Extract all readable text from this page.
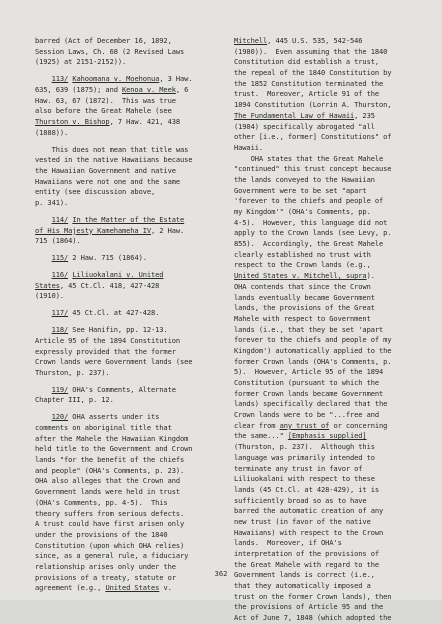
barred (Act of December 16, 1892,
Session Laws, Ch. 68 (2 Revised Laws
(1925) at 2151-2152)).
113/ Kahoomana v. Moehonua, 3 Haw.
635, 639 (1875); and Kenoa v. Meek, 6
Haw. 63, 67 (1872).  This was true
also before the Great Mahele (see
Thurston v. Bishop, 7 Haw. 421, 438
(1888)).
This does not mean that title was
vested in the native Hawaiians because
the Hawaiian Government and native
Hawaiians were not one and the same
entity (see discussion above,
p. 341).
114/ In the Matter of the Estate
of His Majesty Kamehameha IV, 2 Haw.
715 (1864).
115/ 2 Haw. 715 (1864).
116/ Liliuokalani v. United
States, 45 Ct.Cl. 418, 427-428
(1910).
117/ 45 Ct.Cl. at 427-428.
118/ See Hanifin, pp. 12-13.
Article 95 of the 1894 Constitution
expressly provided that the former
Crown lands were Government lands (see
Thurston, p. 237).
119/ OHA's Comments, Alternate
Chapter III, p. 12.
120/ OHA asserts under its
comments on aboriginal title that
after the Mahele the Hawaiian Kingdom
held title to the Government and Crown
lands "for the benefit of the chiefs
and people" (OHA's Comments, p. 23).
OHA also alleges that the Crown and
Government lands were held in trust
(OHA's Comments, pp. 4-5).  This
theory suffers from serious defects.
A trust could have first arisen only
under the provisions of the 1840
Constitution (upon which OHA relies)
since, as a general rule, a fiduciary
relationship arises only under the
provisions of a treaty, statute or
agreement (e.g., United States v.
Mitchell, 445 U.S. 535, 542-546
(1980)).  Even assuming that the 1840
Constitution did establish a trust,
the repeal of the 1840 Constitution by
the 1852 Constitution terminated the
trust.  Moreover, Article 91 of the
1894 Constitution (Lorrin A. Thurston,
The Fundamental Law of Hawaii, 235
(1904) specifically abrogated "all
other [i.e., former] Constitutions" of
Hawaii.
OHA states that the Great Mahele
"continued" this trust concept because
the lands conveyed to the Hawaiian
Government were to be set "apart
'forever to the chiefs and people of
my Kingdom'" (OHA's Comments, pp.
4-5).  However, this language did not
apply to the Crown lands (see Levy, p.
855).  Accordingly, the Great Mahele
clearly established no trust with
respect to the Crown lands (e.g.,
United States v. Mitchell, supra).
OHA contends that since the Crown
lands eventually became Government
lands, the provisions of the Great
Mahele with respect to Government
lands (i.e., that they be set 'apart
forever to the chiefs and people of my
Kingdom') automatically applied to the
former Crown lands (OHA's Comments, p.
5).  However, Article 95 of the 1894
Constitution (pursuant to which the
former Crown lands became Government
lands) specifically declared that the
Crown lands were to be "...free and
clear from any trust of or concerning
the same..." [Emphasis supplied]
(Thurston, p. 237).  Although this
language was primarily intended to
terminate any trust in favor of
Liliuokalani with respect to these
lands (45 Ct.Cl. at 428-429), it is
sufficiently broad so as to have
barred the automatic creation of any
new trust (in favor of the native
Hawaiians) with respect to the Crown
lands.  Moreover, if OHA's
interpretation of the provisions of
the Great Mahele with regard to the
Government lands is correct (i.e.,
that they automatically imposed a
trust on the former Crown lands), then
the provisions of Article 95 and the
Act of June 7, 1848 (which adopted the
362
